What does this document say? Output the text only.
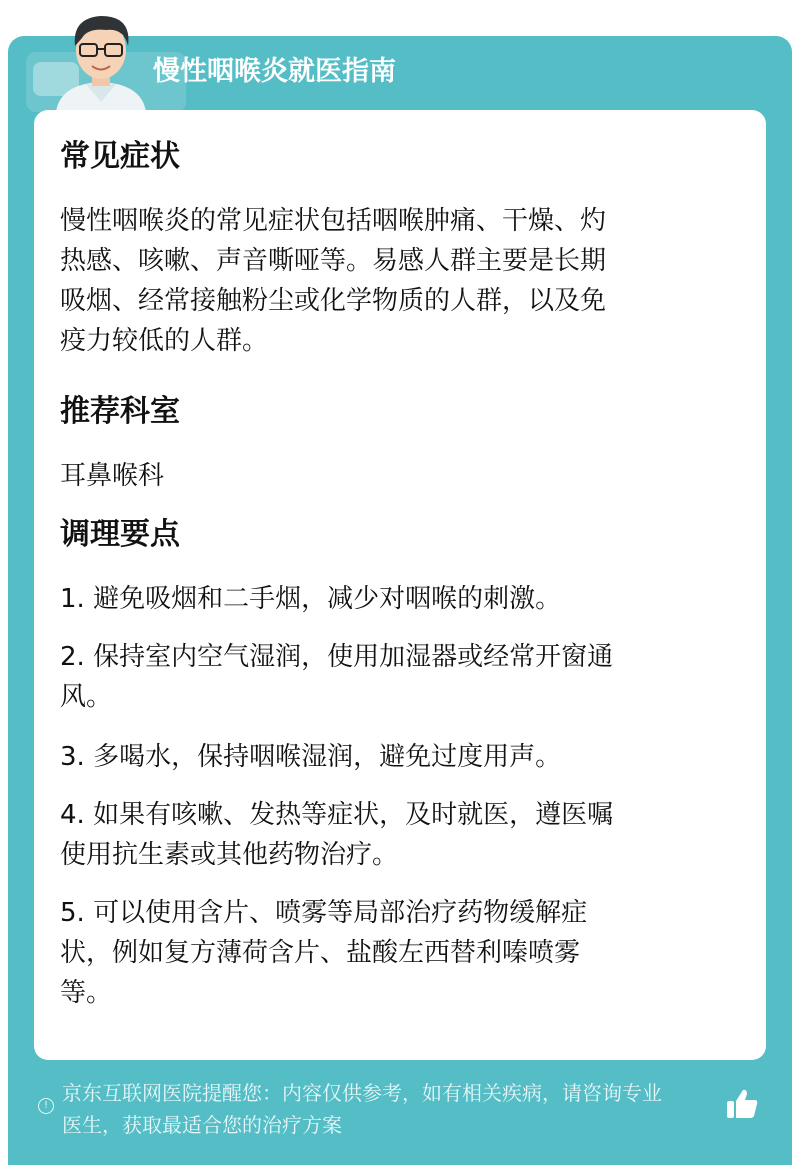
慢性咽喉炎就医指南
常见症状
慢性咽喉炎的常见症状包括咽喉肿痛、干燥、灼
热感、咳嗽、声音嘶哑等。易感人群主要是长期
吸烟、经常接触粉尘或化学物质的人群，以及免
疫力较低的人群。
推荐科室
耳鼻喉科
调理要点
1. 避免吸烟和二手烟，减少对咽喉的刺激。
2. 保持室内空气湿润，使用加湿器或经常开窗通
风。
3. 多喝水，保持咽喉湿润，避免过度用声。
4. 如果有咳嗽、发热等症状，及时就医，遵医嘱
使用抗生素或其他药物治疗。
5. 可以使用含片、喷雾等局部治疗药物缓解症
状，例如复方薄荷含片、盐酸左西替利嗪喷雾
等。
!
京东互联网医院提醒您：内容仅供参考，如有相关疾病，请咨询专业
医生，获取最适合您的治疗方案
